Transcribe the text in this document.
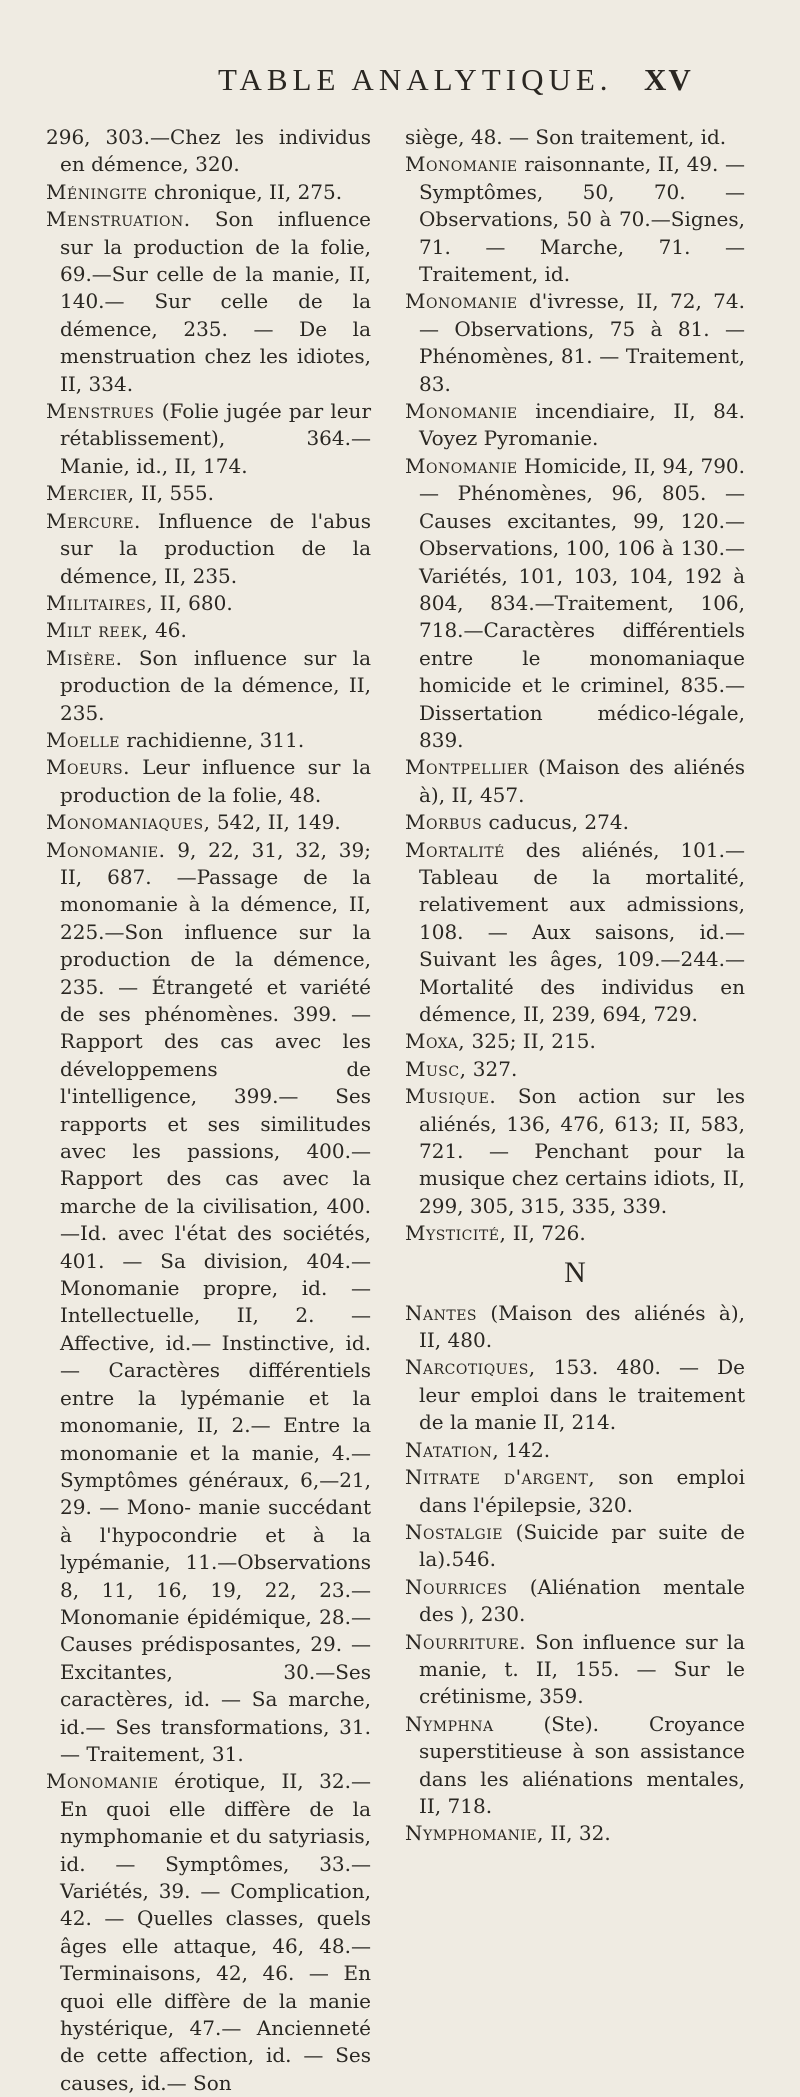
TABLE ANALYTIQUE. XV

296, 303.—Chez les individus en démence, 320.

Méningite chronique, II, 275.

Menstruation. Son influence sur la production de la folie, 69.—Sur celle de la manie, II, 140.— Sur celle de la démence, 235. — De la menstruation chez les idiotes, II, 334.

Menstrues (Folie jugée par leur rétablissement), 364.— Manie, id., II, 174.

Mercier, II, 555.

Mercure. Influence de l'abus sur la production de la démence, II, 235.

Militaires, II, 680.

Milt reek, 46.

Misère. Son influence sur la production de la démence, II, 235.

Moelle rachidienne, 311.

Moeurs. Leur influence sur la production de la folie, 48.

Monomaniaques, 542, II, 149.

Monomanie. 9, 22, 31, 32, 39; II, 687. —Passage de la monomanie à la démence, II, 225.—Son influence sur la production de la démence, 235. — Étrangeté et variété de ses phénomènes. 399. — Rapport des cas avec les développemens de l'intelligence, 399.— Ses rapports et ses similitudes avec les passions, 400.— Rapport des cas avec la marche de la civilisation, 400.—Id. avec l'état des sociétés, 401. — Sa division, 404.— Monomanie propre, id. — Intellectuelle, II, 2. — Affective, id.— Instinctive, id.— Caractères différentiels entre la lypémanie et la monomanie, II, 2.— Entre la monomanie et la manie, 4.—Symptômes généraux, 6,—21, 29. — Mono- manie succédant à l'hypocondrie et à la lypémanie, 11.—Observations 8, 11, 16, 19, 22, 23.—Monomanie épidémique, 28.— Causes prédisposantes, 29. —Excitantes, 30.—Ses caractères, id. — Sa marche, id.— Ses transformations, 31.— Traitement, 31.

Monomanie érotique, II, 32.— En quoi elle diffère de la nymphomanie et du satyriasis, id. — Symptômes, 33.— Variétés, 39. — Complication, 42. — Quelles classes, quels âges elle attaque, 46, 48.— Terminaisons, 42, 46. — En quoi elle diffère de la manie hystérique, 47.— Ancienneté de cette affection, id. — Ses causes, id.— Son

siège, 48. — Son traitement, id.

Monomanie raisonnante, II, 49. — Symptômes, 50, 70. — Observations, 50 à 70.—Signes, 71. — Marche, 71. — Traitement, id.

Monomanie d'ivresse, II, 72, 74. — Observations, 75 à 81. — Phénomènes, 81. — Traitement, 83.

Monomanie incendiaire, II, 84. Voyez Pyromanie.

Monomanie Homicide, II, 94, 790. — Phénomènes, 96, 805. — Causes excitantes, 99, 120.— Observations, 100, 106 à 130.— Variétés, 101, 103, 104, 192 à 804, 834.—Traitement, 106, 718.—Caractères différentiels entre le monomaniaque homicide et le criminel, 835.— Dissertation médico-légale, 839.

Montpellier (Maison des aliénés à), II, 457.

Morbus caducus, 274.

Mortalité des aliénés, 101.—Tableau de la mortalité, relativement aux admissions, 108. — Aux saisons, id.— Suivant les âges, 109.—244.— Mortalité des individus en démence, II, 239, 694, 729.

Moxa, 325; II, 215.

Musc, 327.

Musique. Son action sur les aliénés, 136, 476, 613; II, 583, 721. — Penchant pour la musique chez certains idiots, II, 299, 305, 315, 335, 339.

Mysticité, II, 726.

N

Nantes (Maison des aliénés à), II, 480.

Narcotiques, 153. 480. — De leur emploi dans le traitement de la manie II, 214.

Natation, 142.

Nitrate d'argent, son emploi dans l'épilepsie, 320.

Nostalgie (Suicide par suite de la).546.

Nourrices (Aliénation mentale des ), 230.

Nourriture. Son influence sur la manie, t. II, 155. — Sur le crétinisme, 359.

Nymphna (Ste). Croyance superstitieuse à son assistance dans les aliénations mentales, II, 718.

Nymphomanie, II, 32.
